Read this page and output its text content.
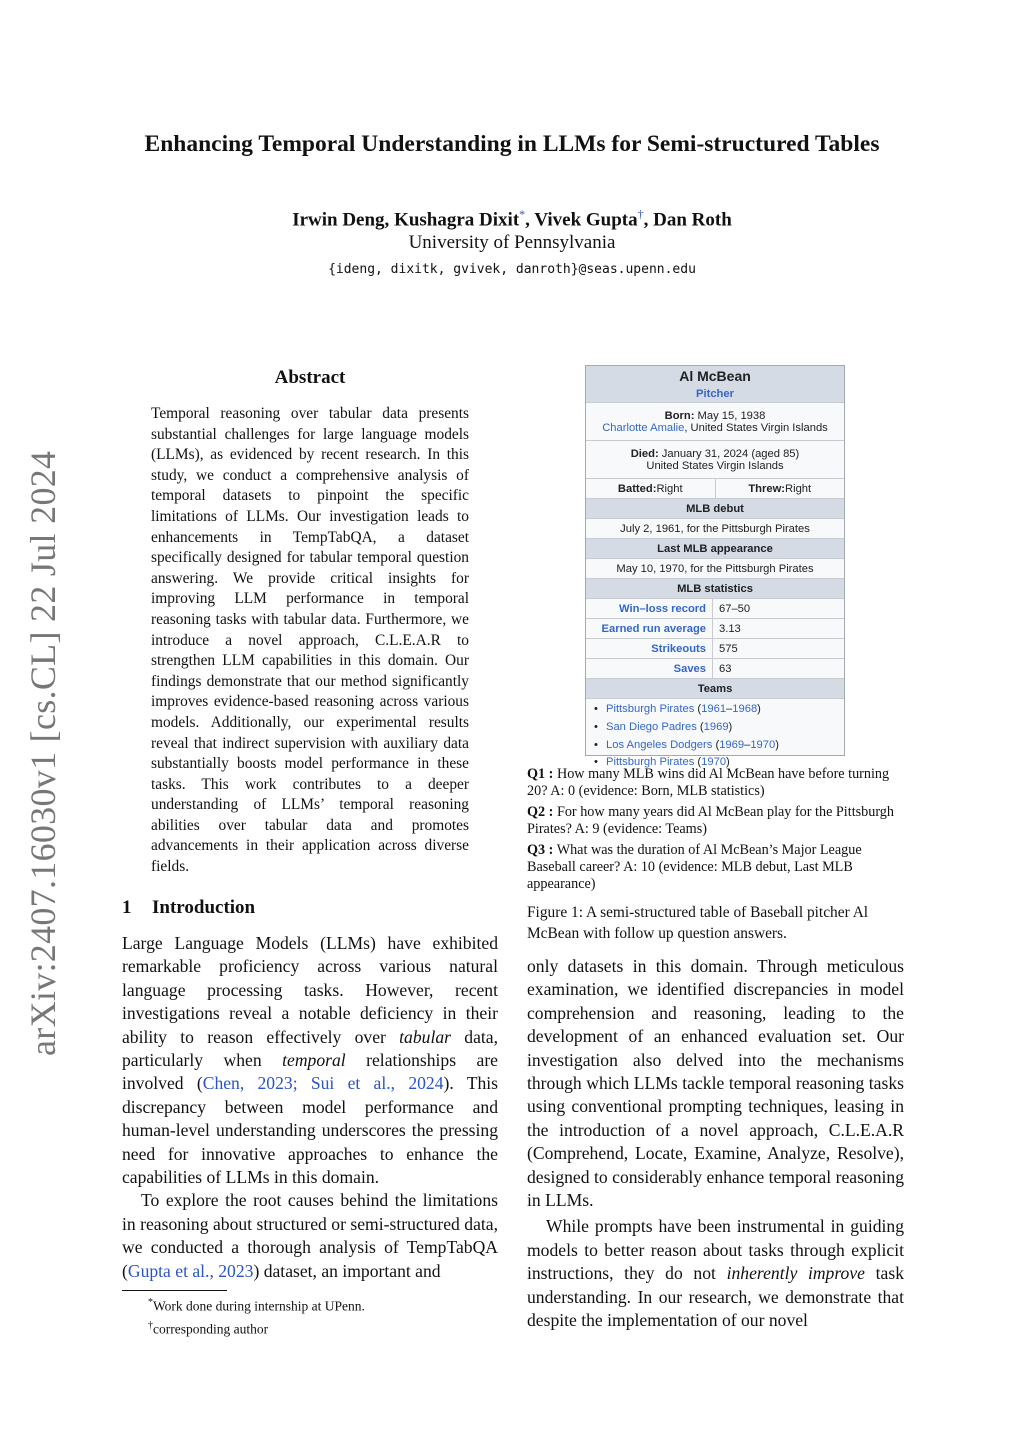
arXiv:2407.16030v1 [cs.CL] 22 Jul 2024
Enhancing Temporal Understanding in LLMs for Semi-structured Tables
Irwin Deng, Kushagra Dixit*, Vivek Gupta†, Dan Roth
University of Pennsylvania
{ideng, dixitk, gvivek, danroth}@seas.upenn.edu
Abstract
Temporal reasoning over tabular data presents substantial challenges for large language models (LLMs), as evidenced by recent research. In this study, we conduct a comprehensive analysis of temporal datasets to pinpoint the specific limitations of LLMs. Our investigation leads to enhancements in TempTabQA, a dataset specifically designed for tabular temporal question answering. We provide critical insights for improving LLM performance in temporal reasoning tasks with tabular data. Furthermore, we introduce a novel approach, C.L.E.A.R to strengthen LLM capabilities in this domain. Our findings demonstrate that our method significantly improves evidence-based reasoning across various models. Additionally, our experimental results reveal that indirect supervision with auxiliary data substantially boosts model performance in these tasks. This work contributes to a deeper understanding of LLMs’ temporal reasoning abilities over tabular data and promotes advancements in their application across diverse fields.
1 Introduction

Large Language Models (LLMs) have exhibited remarkable proficiency across various natural language processing tasks. However, recent investigations reveal a notable deficiency in their ability to reason effectively over tabular data, particularly when temporal relationships are involved (Chen, 2023; Sui et al., 2024). This discrepancy between model performance and human-level understanding underscores the pressing need for innovative approaches to enhance the capabilities of LLMs in this domain.

To explore the root causes behind the limitations in reasoning about structured or semi-structured data, we conducted a thorough analysis of TempTabQA (Gupta et al., 2023) dataset, an important and

*Work done during internship at UPenn.

†corresponding author

Al McBean
Pitcher
Born: May 15, 1938
Charlotte Amalie, United States Virgin Islands
Died: January 31, 2024 (aged 85)
United States Virgin Islands
Batted: Right	Threw: Right
MLB debut
July 2, 1961, for the Pittsburgh Pirates
Last MLB appearance
May 10, 1970, for the Pittsburgh Pirates
MLB statistics
Win–loss record	67–50
Earned run average	3.13
Strikeouts	575
Saves	63
Teams
• Pittsburgh Pirates (1961–1968)
• San Diego Padres (1969)
• Los Angeles Dodgers (1969–1970)
• Pittsburgh Pirates (1970)
Q1 : How many MLB wins did Al McBean have before turning 20? A: 0 (evidence: Born, MLB statistics)
Q2 : For how many years did Al McBean play for the Pittsburgh Pirates? A: 9 (evidence: Teams)
Q3 : What was the duration of Al McBean’s Major League Baseball career? A: 10 (evidence: MLB debut, Last MLB appearance)
Figure 1: A semi-structured table of Baseball pitcher Al McBean with follow up question answers.

only datasets in this domain. Through meticulous examination, we identified discrepancies in model comprehension and reasoning, leading to the development of an enhanced evaluation set. Our investigation also delved into the mechanisms through which LLMs tackle temporal reasoning tasks using conventional prompting techniques, leasing in the introduction of a novel approach, C.L.E.A.R (Comprehend, Locate, Examine, Analyze, Resolve), designed to considerably enhance temporal reasoning in LLMs.

While prompts have been instrumental in guiding models to better reason about tasks through explicit instructions, they do not inherently improve task understanding. In our research, we demonstrate that despite the implementation of our novel
